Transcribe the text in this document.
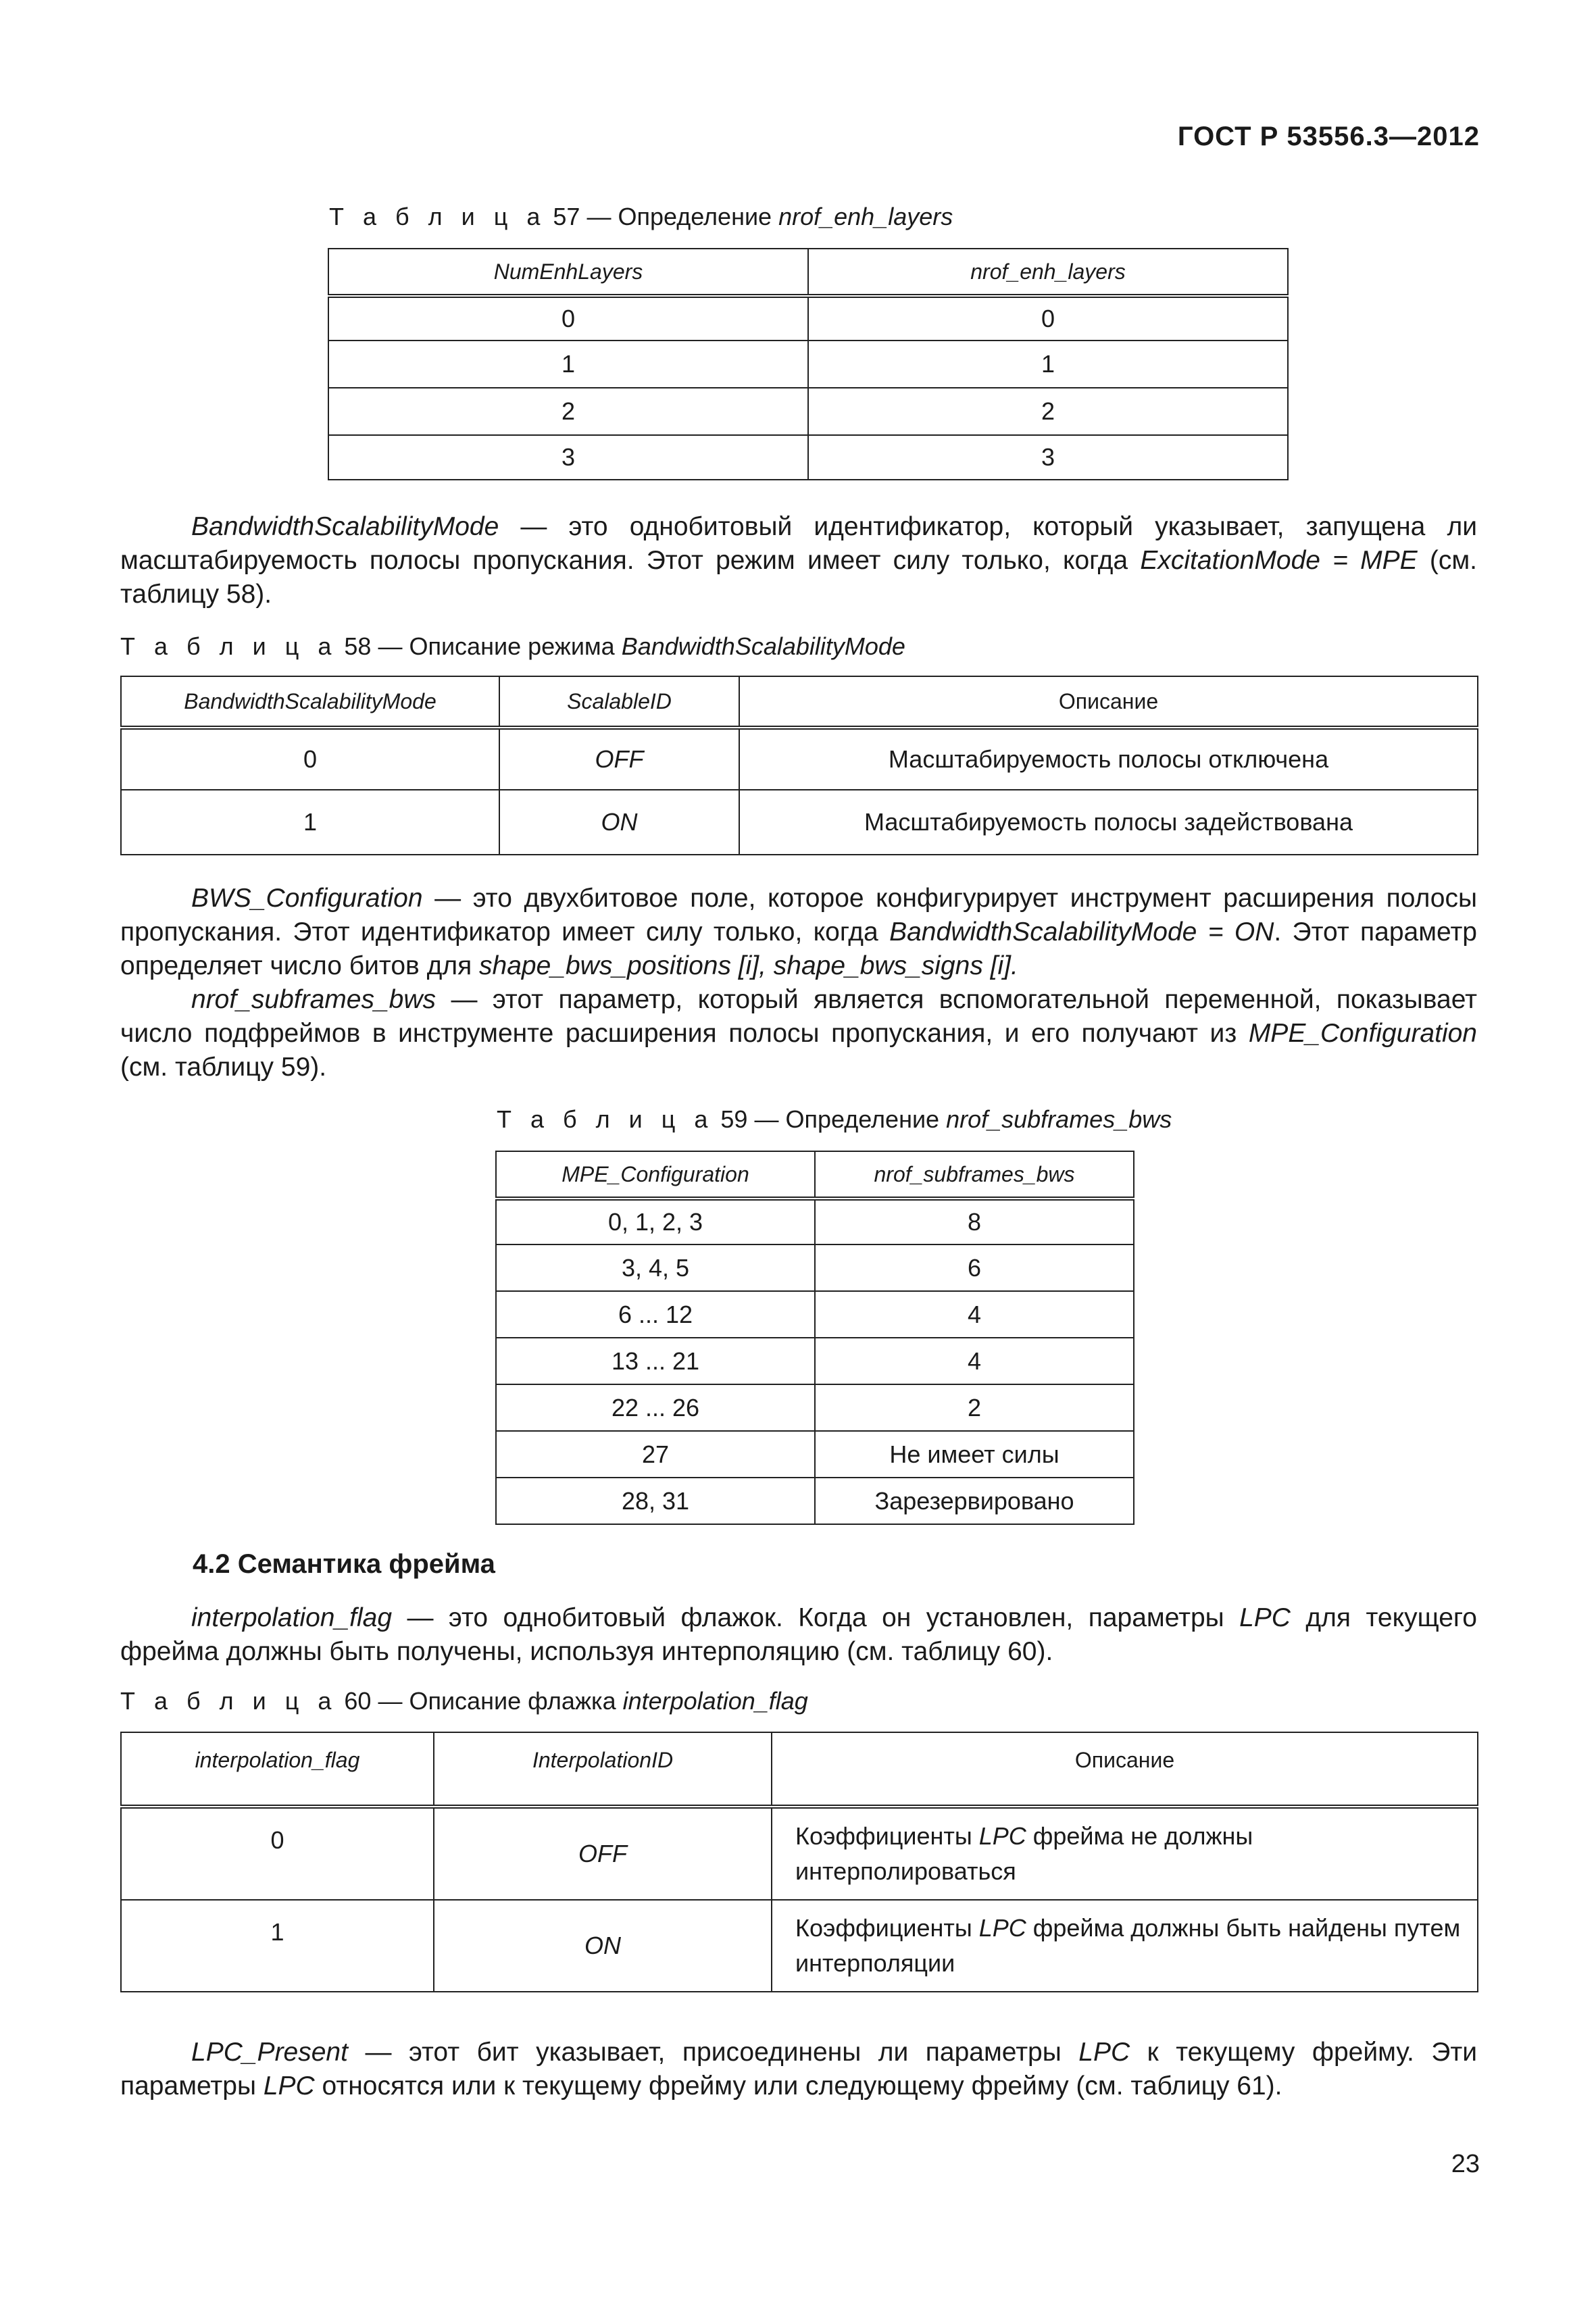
ГОСТ Р 53556.3—2012
Т а б л и ц а 57 — Определение nrof_enh_layers
NumEnhLayers	nrof_enh_layers
0	0
1	1
2	2
3	3
BandwidthScalabilityMode — это однобитовый идентификатор, который указывает, запущена ли масштабируемость полосы пропускания. Этот режим имеет силу только, когда ExcitationMode = MPE (см. таблицу 58).
Т а б л и ц а 58 — Описание режима BandwidthScalabilityMode
BandwidthScalabilityMode	ScalableID	Описание
0	OFF	Масштабируемость полосы отключена
1	ON	Масштабируемость полосы задействована
BWS_Configuration — это двухбитовое поле, которое конфигурирует инструмент расширения полосы пропускания. Этот идентификатор имеет силу только, когда BandwidthScalabilityMode = ON. Этот параметр определяет число битов для shape_bws_positions [i], shape_bws_signs [i].
nrof_subframes_bws — этот параметр, который является вспомогательной переменной, показывает число подфреймов в инструменте расширения полосы пропускания, и его получают из MPE_Configuration (см. таблицу 59).
Т а б л и ц а 59 — Определение nrof_subframes_bws
MPE_Configuration	nrof_subframes_bws
0, 1, 2, 3	8
3, 4, 5	6
6 ... 12	4
13 ... 21	4
22 ... 26	2
27	Не имеет силы
28, 31	Зарезервировано
4.2 Семантика фрейма
interpolation_flag — это однобитовый флажок. Когда он установлен, параметры LPC для текущего фрейма должны быть получены, используя интерполяцию (см. таблицу 60).
Т а б л и ц а 60 — Описание флажка interpolation_flag
interpolation_flag	InterpolationID	Описание
0	OFF	Коэффициенты LPC фрейма не должны интерполироваться
1	ON	Коэффициенты LPC фрейма должны быть найдены путем интерполяции
LPC_Present — этот бит указывает, присоединены ли параметры LPC к текущему фрейму. Эти параметры LPC относятся или к текущему фрейму или следующему фрейму (см. таблицу 61).
23
